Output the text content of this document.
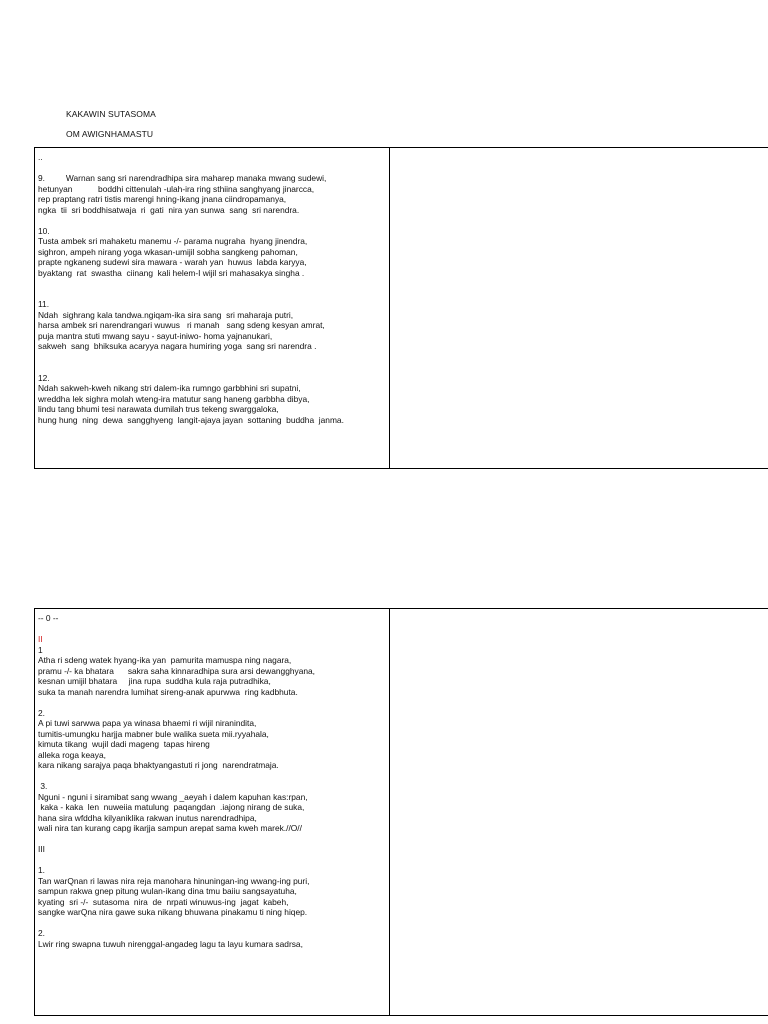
KAKAWIN SUTASOMA
OM AWIGNHAMASTU
..
9.         Warnan sang sri narendradhipa sira maharep manaka mwang sudewi,
hetunyan           boddhi cittenulah -ulah-ira ring sthiina sanghyang jinarcca,
rep praptang ratri tistis marengi hning-ikang jnana ciindropamanya,
ngka  tii  sri boddhisatwaja  ri  gati  nira yan sunwa  sang  sri narendra.
10.
Tusta ambek sri mahaketu manemu -/- parama nugraha  hyang jinendra,
sighron, ampeh nirang yoga wkasan-umijil sobha sangkeng pahoman,
prapte ngkaneng sudewi sira mawara - warah yan  huwus  labda karyya,
byaktang  rat  swastha  ciinang  kali helem-I wijil sri mahasakya singha .
11.
Ndah  sighrang kala tandwa.ngiqam-ika sira sang  sri maharaja putri,
harsa ambek sri narendrangari wuwus   ri manah   sang sdeng kesyan amrat,
puja mantra stuti mwang sayu - sayut-iniwo- homa yajnanukari,
sakweh  sang  bhiksuka acaryya nagara humiring yoga  sang sri narendra .
12.
Ndah sakweh-kweh nikang stri dalem-ika rumngo garbbhini sri supatni,
wreddha lek sighra molah wteng-ira matutur sang haneng garbbha dibya,
lindu tang bhumi tesi narawata dumilah trus tekeng swarggaloka,
hung hung  ning  dewa  sangghyeng  langit-ajaya jayan  sottaning  buddha  janma.
-- 0 --
II
1
Atha ri sdeng watek hyang-ika yan  pamurita mamuspa ning nagara,
pramu -/- ka bhatara      sakra saha kinnaradhipa sura arsi dewangghyana,
kesnan umijil bhatara     jina rupa  suddha kula raja putradhika,
suka ta manah narendra lumihat sireng-anak apurwwa  ring kadbhuta.
2.
A pi tuwi sarwwa papa ya winasa bhaemi ri wijil niranindita,
tumitis-umungku harjja mabner bule walika sueta mii.ryyahala,
kimuta tikang  wujil dadi mageng  tapas hireng
alleka roga keaya,
kara nikang sarajya paqa bhaktyangastuti ri jong  narendratmaja.
3.
Nguni - nguni i siramibat sang wwang _aeyah i dalem kapuhan kas:rpan,
kaka - kaka  len  nuweiia matulung  paqangdan  .iajong nirang de suka,
hana sira wfddha kilyaniklika rakwan inutus narendradhipa,
wali nira tan kurang capg ikarjja sampun arepat sama kweh marek.//O//
III
1.
Tan warQnan ri lawas nira reja manohara hinuningan-ing wwang-ing puri,
sampun rakwa gnep pitung wulan-ikang dina tmu baiiu sangsayatuha,
kyating  sri -/-  sutasoma  nira  de  nrpati winuwus-ing  jagat  kabeh,
sangke warQna nira gawe suka nikang bhuwana pinakamu ti ning hiqep.
2.
Lwir ring swapna tuwuh nirenggal-angadeg lagu ta layu kumara sadrsa,
